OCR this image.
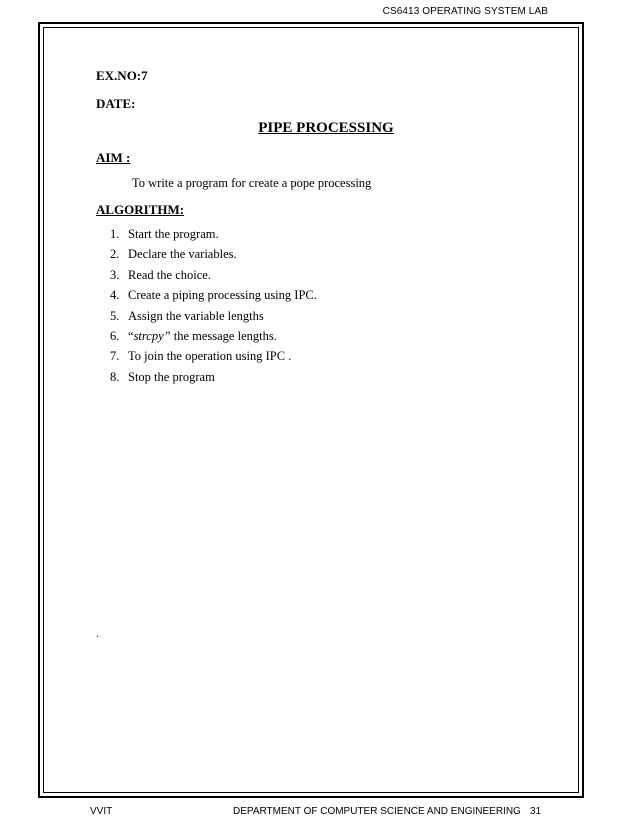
CS6413 OPERATING SYSTEM LAB
EX.NO:7
DATE:
PIPE PROCESSING
AIM :
To write a program for create a pope processing
ALGORITHM:
1. Start the program.
2. Declare the variables.
3. Read the choice.
4. Create a piping processing using IPC.
5. Assign the variable lengths
6. “strcpy” the message lengths.
7. To join the operation using IPC .
8. Stop the program
.
VVIT	DEPARTMENT OF COMPUTER SCIENCE AND ENGINEERING 31
